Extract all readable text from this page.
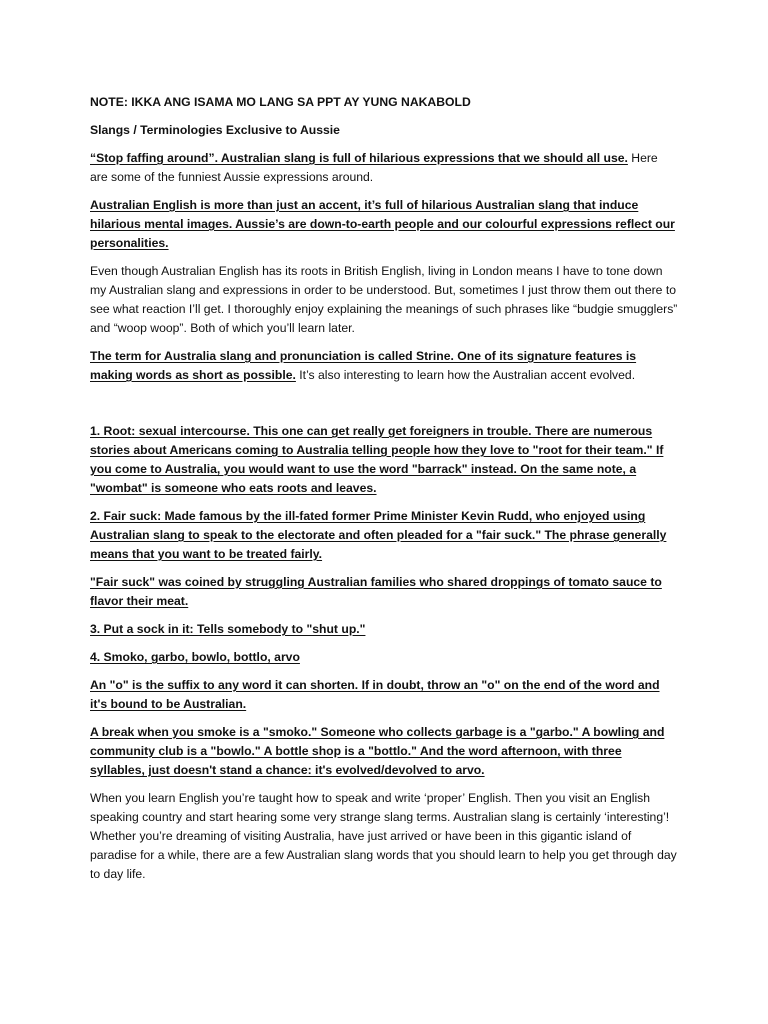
NOTE: IKKA ANG ISAMA MO LANG SA PPT AY YUNG NAKABOLD

Slangs / Terminologies Exclusive to Aussie

“Stop faffing around”. Australian slang is full of hilarious expressions that we should all use. Here are some of the funniest Aussie expressions around.

Australian English is more than just an accent, it’s full of hilarious Australian slang that induce hilarious mental images. Aussie’s are down-to-earth people and our colourful expressions reflect our personalities.

Even though Australian English has its roots in British English, living in London means I have to tone down my Australian slang and expressions in order to be understood. But, sometimes I just throw them out there to see what reaction I’ll get. I thoroughly enjoy explaining the meanings of such phrases like “budgie smugglers” and “woop woop”. Both of which you’ll learn later.

The term for Australia slang and pronunciation is called Strine. One of its signature features is making words as short as possible. It’s also interesting to learn how the Australian accent evolved.

1. Root: sexual intercourse. This one can get really get foreigners in trouble. There are numerous stories about Americans coming to Australia telling people how they love to "root for their team." If you come to Australia, you would want to use the word "barrack" instead. On the same note, a "wombat" is someone who eats roots and leaves.

2. Fair suck: Made famous by the ill-fated former Prime Minister Kevin Rudd, who enjoyed using Australian slang to speak to the electorate and often pleaded for a "fair suck." The phrase generally means that you want to be treated fairly.

"Fair suck" was coined by struggling Australian families who shared droppings of tomato sauce to flavor their meat.

3. Put a sock in it: Tells somebody to "shut up."

4. Smoko, garbo, bowlo, bottlo, arvo

An "o" is the suffix to any word it can shorten. If in doubt, throw an "o" on the end of the word and it's bound to be Australian.

A break when you smoke is a "smoko." Someone who collects garbage is a "garbo." A bowling and community club is a "bowlo." A bottle shop is a "bottlo." And the word afternoon, with three syllables, just doesn't stand a chance: it's evolved/devolved to arvo.

When you learn English you’re taught how to speak and write ‘proper’ English. Then you visit an English speaking country and start hearing some very strange slang terms. Australian slang is certainly ‘interesting’! Whether you’re dreaming of visiting Australia, have just arrived or have been in this gigantic island of paradise for a while, there are a few Australian slang words that you should learn to help you get through day to day life.
